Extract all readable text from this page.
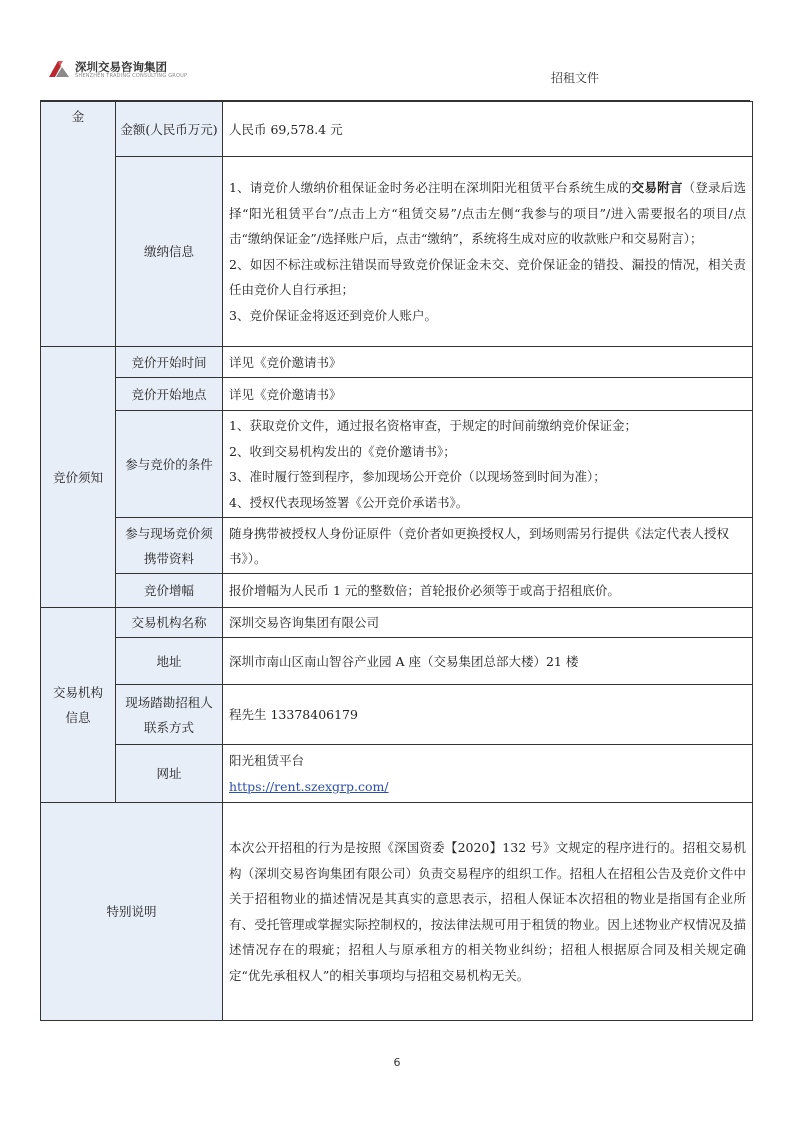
深圳交易咨询集团
SHENZHEN TRADING CONSULTING GROUP	招租文件
金	金额(人民币万元)	人民币 69,578.4 元
	缴纳信息	1、请竞价人缴纳价租保证金时务必注明在深圳阳光租赁平台系统生成的交易附言（登录后选择“阳光租赁平台”/点击上方“租赁交易”/点击左侧“我参与的项目”/进入需要报名的项目/点击“缴纳保证金”/选择账户后，点击“缴纳”，系统将生成对应的收款账户和交易附言）；

2、如因不标注或标注错误而导致竞价保证金未交、竞价保证金的错投、漏投的情况，相关责任由竞价人自行承担；

3、竞价保证金将返还到竞价人账户。

竞价须知	竞价开始时间	详见《竞价邀请书》
	竞价开始地点	详见《竞价邀请书》
	参与竞价的条件	1、获取竞价文件，通过报名资格审查，于规定的时间前缴纳竞价保证金；

2、收到交易机构发出的《竞价邀请书》；

3、准时履行签到程序，参加现场公开竞价（以现场签到时间为准）；

4、授权代表现场签署《公开竞价承诺书》。

	参与现场竞价须携带资料	随身携带被授权人身份证原件（竞价者如更换授权人，到场则需另行提供《法定代表人授权书》）。
	竞价增幅	报价增幅为人民币 1 元的整数倍；首轮报价必须等于或高于招租底价。
交易机构信息	交易机构名称	深圳交易咨询集团有限公司
	地址	深圳市南山区南山智谷产业园 A 座（交易集团总部大楼）21 楼
	现场踏勘招租人联系方式	程先生 13378406179
	网址	阳光租赁平台

https://rent.szexgrp.com/

特别说明		本次公开招租的行为是按照《深国资委【2020】132 号》文规定的程序进行的。招租交易机构（深圳交易咨询集团有限公司）负责交易程序的组织工作。招租人在招租公告及竞价文件中关于招租物业的描述情况是其真实的意思表示，招租人保证本次招租的物业是指国有企业所有、受托管理或掌握实际控制权的，按法律法规可用于租赁的物业。因上述物业产权情况及描述情况存在的瑕疵；招租人与原承租方的相关物业纠纷；招租人根据原合同及相关规定确定“优先承租权人”的相关事项均与招租交易机构无关。

6
